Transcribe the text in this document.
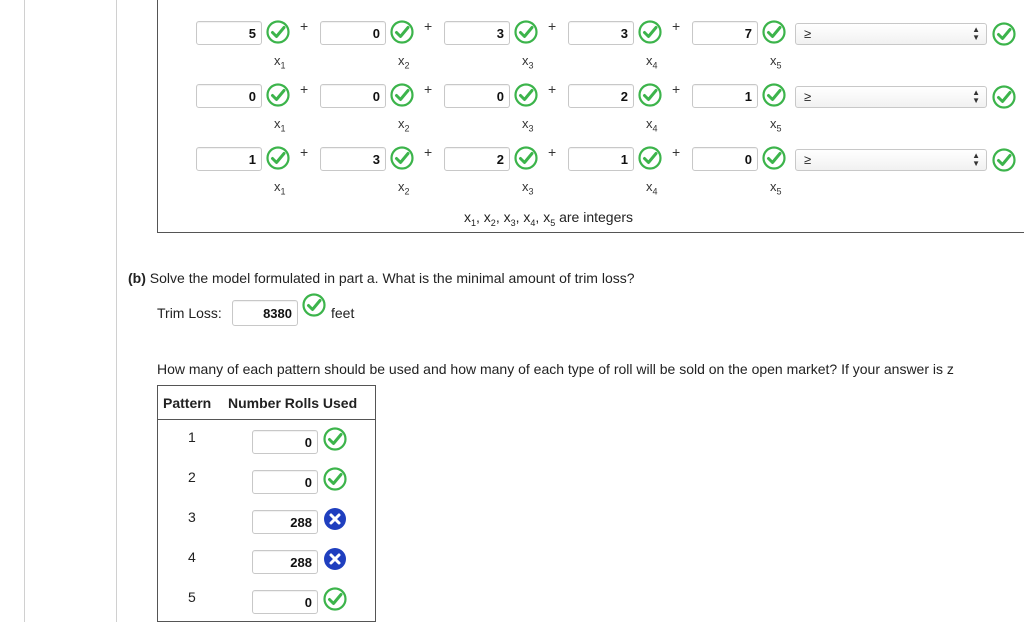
5	+
$x_1$
0	+
$x_2$
3	+
$x_3$
3	+
$x_4$
7
$x_5$
≥	▲
▼
0	+
$x_1$
0	+
$x_2$
0	+
$x_3$
2	+
$x_4$
1
$x_5$
≥	▲
▼
1	+
$x_1$
3	+
$x_2$
2	+
$x_3$
1	+
$x_4$
0
$x_5$
≥	▲
▼
$x_1$, $x_2$, $x_3$, $x_4$, $x_5$ are integers
(b) Solve the model formulated in part a. What is the minimal amount of trim loss?
Trim Loss:	8380	feet
How many of each pattern should be used and how many of each type of roll will be sold on the open market? If your answer is z
Pattern Number Rolls Used
1	0
2	0
3	288
4	288
5	0
